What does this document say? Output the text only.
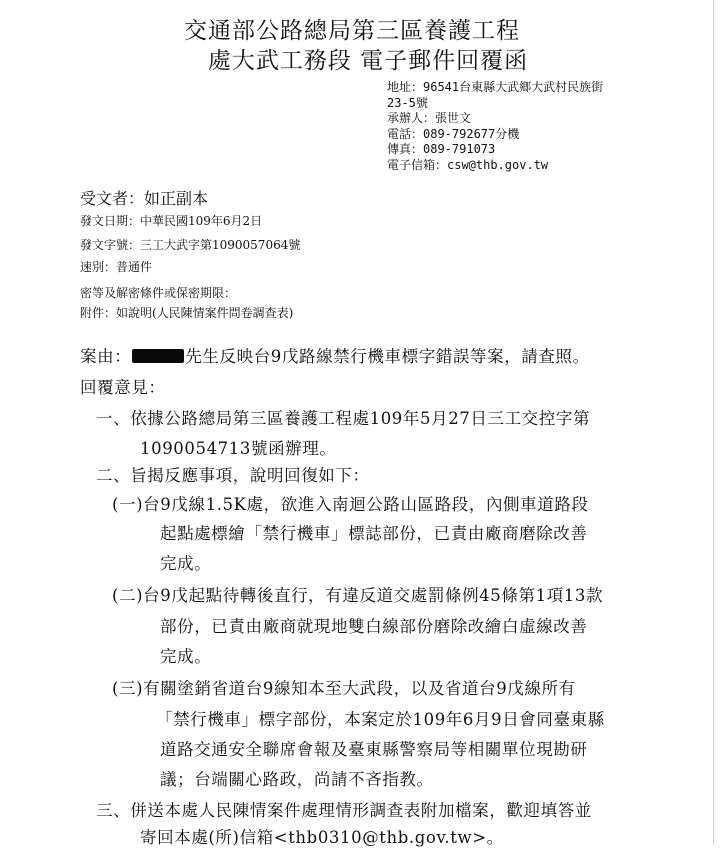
交通部公路總局第三區養護工程
處大武工務段 電子郵件回覆函
地址：96541台東縣大武鄉大武村民族街
23-5號
承辦人：張世文
電話：089-792677分機
傳真：089-791073
電子信箱：csw@thb.gov.tw
受文者：如正副本
發文日期：中華民國109年6月2日
發文字號：三工大武字第1090057064號
速別：普通件
密等及解密條件或保密期限：
附件：如說明(人民陳情案件問卷調查表)
案由：	先生反映台9戊路線禁行機車標字錯誤等案，請查照。
回覆意見：
一、依據公路總局第三區養護工程處109年5月27日三工交控字第
1090054713號函辦理。
二、旨揭反應事項，說明回復如下：
(一)台9戊線1.5K處，欲進入南迴公路山區路段，內側車道路段
起點處標繪「禁行機車」標誌部份，已責由廠商磨除改善
完成。
(二)台9戊起點待轉後直行，有違反道交處罰條例45條第1項13款
部份，已責由廠商就現地雙白線部份磨除改繪白虛線改善
完成。
(三)有關塗銷省道台9線知本至大武段，以及省道台9戊線所有
「禁行機車」標字部份，本案定於109年6月9日會同臺東縣
道路交通安全聯席會報及臺東縣警察局等相關單位現勘研
議；台端關心路政，尚請不吝指教。
三、併送本處人民陳情案件處理情形調查表附加檔案，歡迎填答並
寄回本處(所)信箱<thb0310@thb.gov.tw>。
